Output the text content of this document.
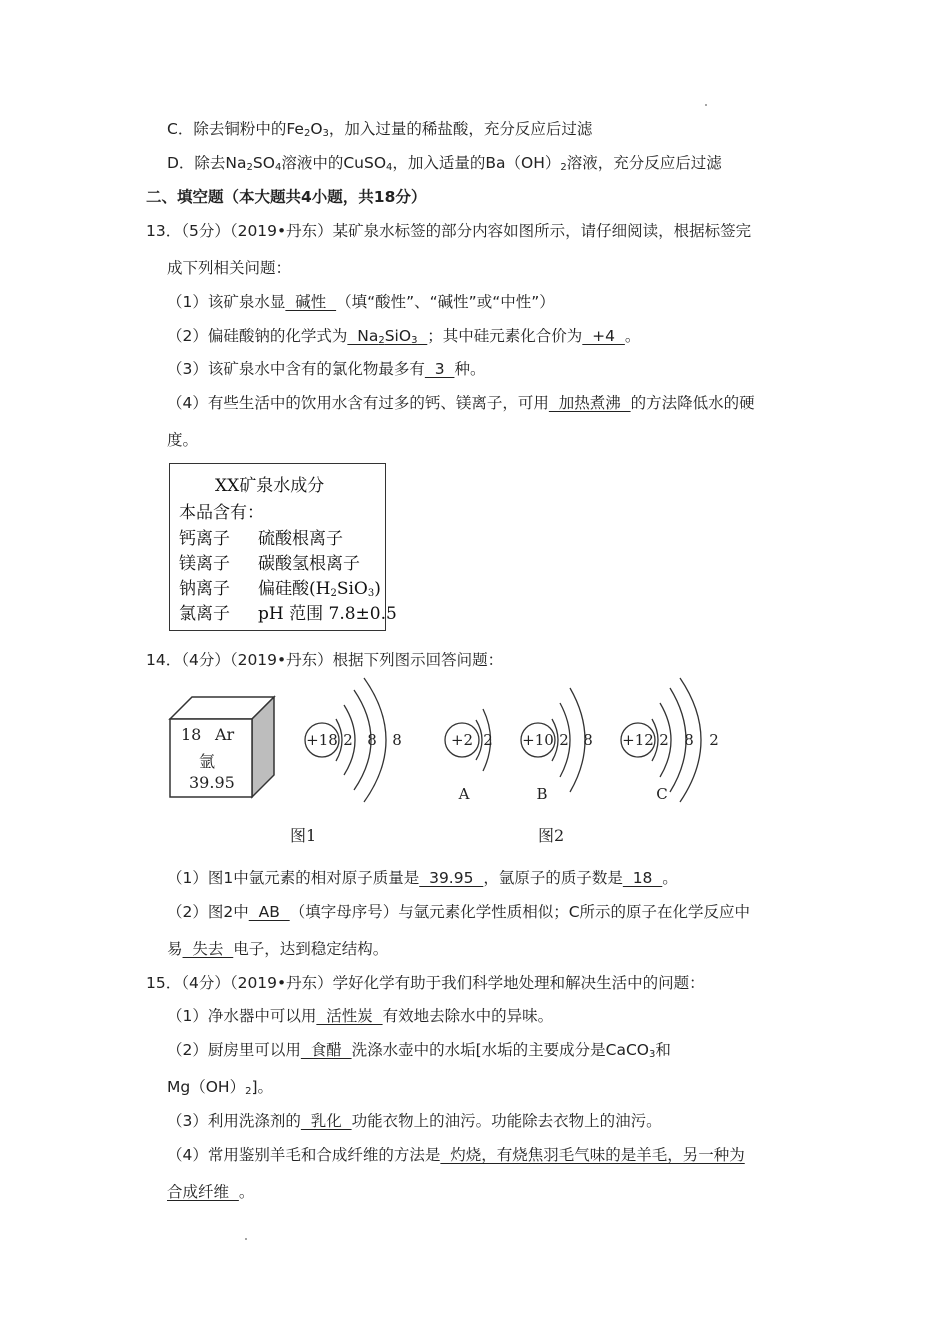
C．除去铜粉中的$Fe_2O_3$，加入过量的稀盐酸，充分反应后过滤
D．除去$Na_2SO_4$溶液中的CuSO$_4$，加入适量的$Ba(OH)_2$溶液，充分反应后过滤
二、填空题（本大题共4小题，共18分）
13．（5分）（2019•丹东）某矿泉水标签的部分内容如图所示，请仔细阅读，根据标签完
成下列相关问题：
（1）该矿泉水显  碱性  （填“酸性”、“碱性”或“中性”）
（2）偏硅酸钠的化学式为  $Na_2SiO_3$ ；其中硅元素化合价为  +4  。
（3）该矿泉水中含有的氯化物最多有  3  种。
（4）有些生活中的饮用水含有过多的钙、镁离子，可用  加热煮沸  的方法降低水的硬
度。
XX矿泉水成分
本品含有：
钙离子 硫酸根离子
镁离子 碳酸氢根离子
钠离子 偏硅酸$(H_2SiO_3)$
氯离子 pH 范围 7.8±0.5
14．（4分）（2019•丹东）根据下列图示回答问题：
18 Ar
氩
39.95
+18 2 8 8	+2 2
A
+10 2 8
B
+12 2 8 2
C
图1	图2
（1）图1中氩元素的相对原子质量是  39.95  ，氩原子的质子数是  18  。
（2）图2中  AB  （填字母序号）与氩元素化学性质相似；C所示的原子在化学反应中
易  失去  电子，达到稳定结构。
15．（4分）（2019•丹东）学好化学有助于我们科学地处理和解决生活中的问题：
（1）净水器中可以用  活性炭  有效地去除水中的异味。
（2）厨房里可以用  食醋  洗涤水壶中的水垢[水垢的主要成分是CaCO$_3$和
$Mg(OH)_2$]。
（3）利用洗涤剂的  乳化  功能衣物上的油污。功能除去衣物上的油污。
（4）常用鉴别羊毛和合成纤维的方法是  灼烧，有烧焦羽毛气味的是羊毛，另一种为
合成纤维  。
